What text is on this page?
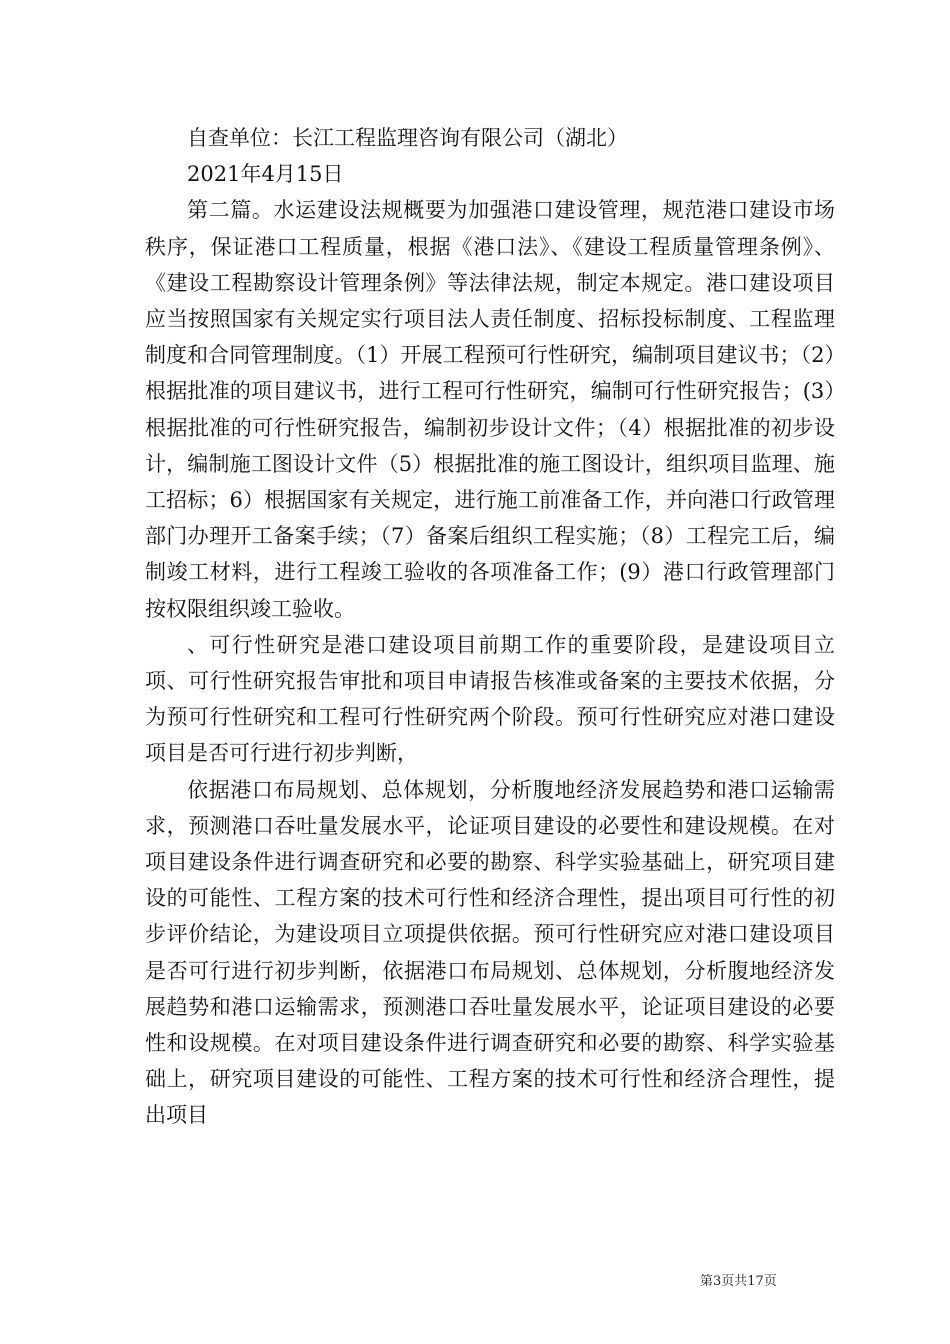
自查单位：长江工程监理咨询有限公司（湖北）

2021年4月15日

第二篇。水运建设法规概要为加强港口建设管理，规范港口建设市场秩序，保证港口工程质量，根据《港口法》、《建设工程质量管理条例》、《建设工程勘察设计管理条例》等法律法规，制定本规定。港口建设项目应当按照国家有关规定实行项目法人责任制度、招标投标制度、工程监理制度和合同管理制度。（1）开展工程预可行性研究，编制项目建议书；（2）根据批准的项目建议书，进行工程可行性研究，编制可行性研究报告；(3）根据批准的可行性研究报告，编制初步设计文件；（4）根据批准的初步设计，编制施工图设计文件（5）根据批准的施工图设计，组织项目监理、施工招标；6）根据国家有关规定，进行施工前准备工作，并向港口行政管理部门办理开工备案手续；（7）备案后组织工程实施；（8）工程完工后，编制竣工材料，进行工程竣工验收的各项准备工作；(9）港口行政管理部门按权限组织竣工验收。

、可行性研究是港口建设项目前期工作的重要阶段，是建设项目立项、可行性研究报告审批和项目申请报告核准或备案的主要技术依据，分为预可行性研究和工程可行性研究两个阶段。预可行性研究应对港口建设项目是否可行进行初步判断，

依据港口布局规划、总体规划，分析腹地经济发展趋势和港口运输需求，预测港口吞吐量发展水平，论证项目建设的必要性和建设规模。在对项目建设条件进行调查研究和必要的勘察、科学实验基础上，研究项目建设的可能性、工程方案的技术可行性和经济合理性，提出项目可行性的初步评价结论，为建设项目立项提供依据。预可行性研究应对港口建设项目是否可行进行初步判断，依据港口布局规划、总体规划，分析腹地经济发展趋势和港口运输需求，预测港口吞吐量发展水平，论证项目建设的必要性和设规模。在对项目建设条件进行调查研究和必要的勘察、科学实验基础上，研究项目建设的可能性、工程方案的技术可行性和经济合理性，提出项目

第3页共17页
